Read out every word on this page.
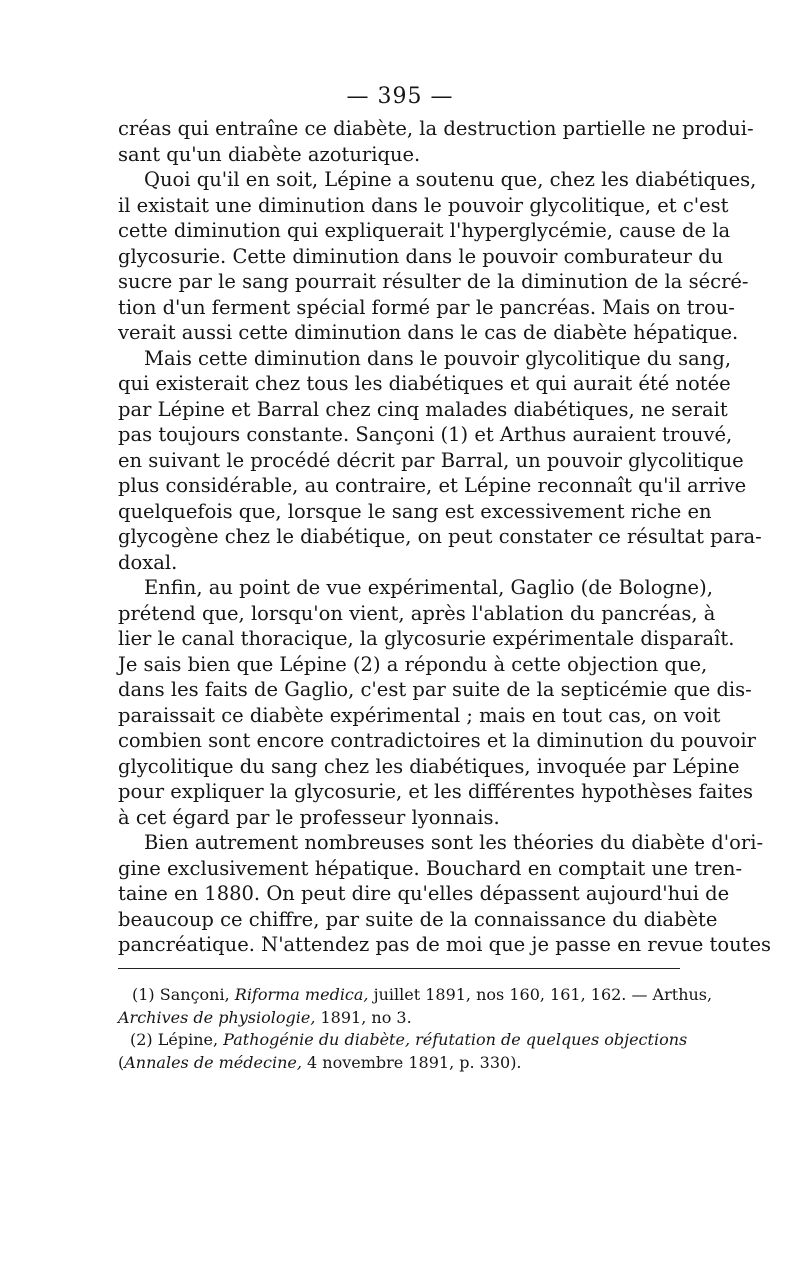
— 395 —
créas qui entraîne ce diabète, la destruction partielle ne produi-
sant qu'un diabète azoturique.
Quoi qu'il en soit, Lépine a soutenu que, chez les diabétiques,
il existait une diminution dans le pouvoir glycolitique, et c'est
cette diminution qui expliquerait l'hyperglycémie, cause de la
glycosurie. Cette diminution dans le pouvoir comburateur du
sucre par le sang pourrait résulter de la diminution de la sécré-
tion d'un ferment spécial formé par le pancréas. Mais on trou-
verait aussi cette diminution dans le cas de diabète hépatique.
Mais cette diminution dans le pouvoir glycolitique du sang,
qui existerait chez tous les diabétiques et qui aurait été notée
par Lépine et Barral chez cinq malades diabétiques, ne serait
pas toujours constante. Sançoni (1) et Arthus auraient trouvé,
en suivant le procédé décrit par Barral, un pouvoir glycolitique
plus considérable, au contraire, et Lépine reconnaît qu'il arrive
quelquefois que, lorsque le sang est excessivement riche en
glycogène chez le diabétique, on peut constater ce résultat para-
doxal.
Enfin, au point de vue expérimental, Gaglio (de Bologne),
prétend que, lorsqu'on vient, après l'ablation du pancréas, à
lier le canal thoracique, la glycosurie expérimentale disparaît.
Je sais bien que Lépine (2) a répondu à cette objection que,
dans les faits de Gaglio, c'est par suite de la septicémie que dis-
paraissait ce diabète expérimental ; mais en tout cas, on voit
combien sont encore contradictoires et la diminution du pouvoir
glycolitique du sang chez les diabétiques, invoquée par Lépine
pour expliquer la glycosurie, et les différentes hypothèses faites
à cet égard par le professeur lyonnais.
Bien autrement nombreuses sont les théories du diabète d'ori-
gine exclusivement hépatique. Bouchard en comptait une tren-
taine en 1880. On peut dire qu'elles dépassent aujourd'hui de
beaucoup ce chiffre, par suite de la connaissance du diabète
pancréatique. N'attendez pas de moi que je passe en revue toutes
(1) Sançoni, Riforma medica, juillet 1891, nos 160, 161, 162. — Arthus,
Archives de physiologie, 1891, no 3.
(2) Lépine, Pathogénie du diabète, réfutation de quelques objections
(Annales de médecine, 4 novembre 1891, p. 330).
